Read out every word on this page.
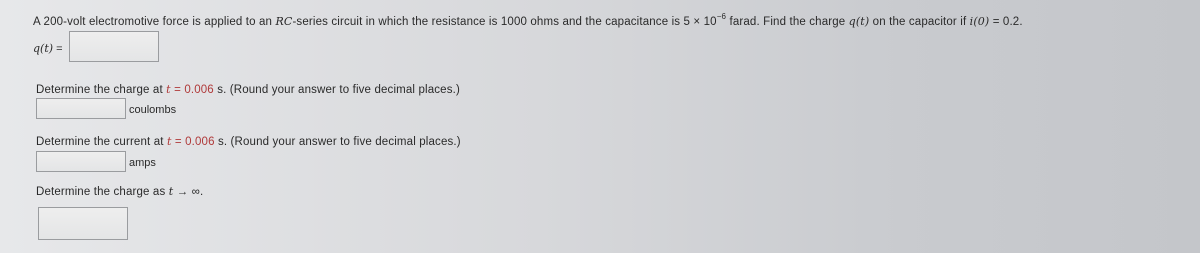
A 200-volt electromotive force is applied to an RC-series circuit in which the resistance is 1000 ohms and the capacitance is $5 \times 10^{-6}$ farad. Find the charge q(t) on the capacitor if i(0) = 0.2.
q(t) =
Determine the charge at t = 0.006 s. (Round your answer to five decimal places.)
coulombs
Determine the current at t = 0.006 s. (Round your answer to five decimal places.)
amps
Determine the charge as t → ∞.
